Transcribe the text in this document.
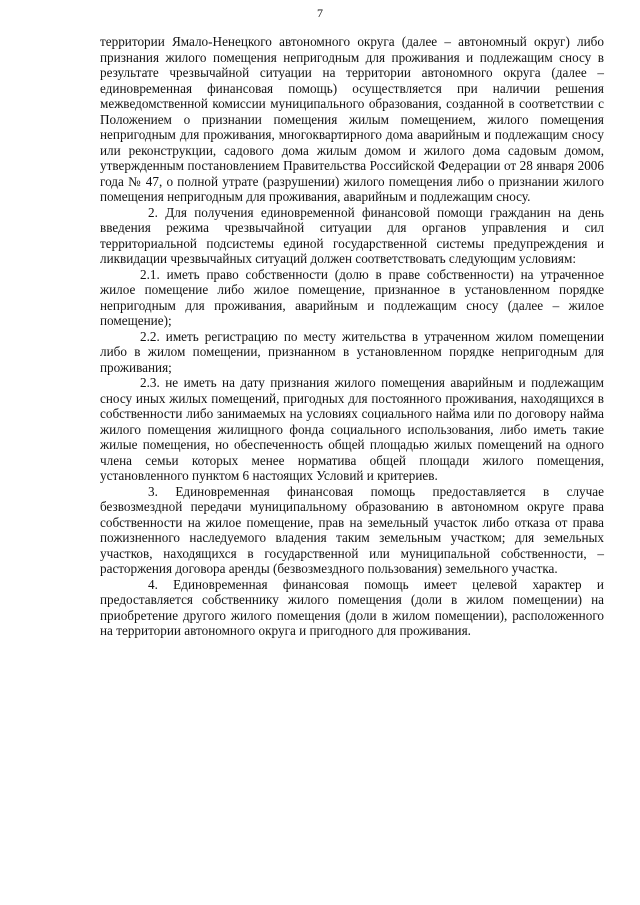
7

территории Ямало-Ненецкого автономного округа (далее – автономный округ) либо признания жилого помещения непригодным для проживания и подлежащим сносу в результате чрезвычайной ситуации на территории автономного округа (далее – единовременная финансовая помощь) осуществляется при наличии решения межведомственной комиссии муниципального образования, созданной в соответствии с Положением о признании помещения жилым помещением, жилого помещения непригодным для проживания, многоквартирного дома аварийным и подлежащим сносу или реконструкции, садового дома жилым домом и жилого дома садовым домом, утвержденным постановлением Правительства Российской Федерации от 28 января 2006 года № 47, о полной утрате (разрушении) жилого помещения либо о признании жилого помещения непригодным для проживания, аварийным и подлежащим сносу.

2. Для получения единовременной финансовой помощи гражданин на день введения режима чрезвычайной ситуации для органов управления и сил территориальной подсистемы единой государственной системы предупреждения и ликвидации чрезвычайных ситуаций должен соответствовать следующим условиям:

2.1. иметь право собственности (долю в праве собственности) на утраченное жилое помещение либо жилое помещение, признанное в установленном порядке непригодным для проживания, аварийным и подлежащим сносу (далее – жилое помещение);

2.2. иметь регистрацию по месту жительства в утраченном жилом помещении либо в жилом помещении, признанном в установленном порядке непригодным для проживания;

2.3. не иметь на дату признания жилого помещения аварийным и подлежащим сносу иных жилых помещений, пригодных для постоянного проживания, находящихся в собственности либо занимаемых на условиях социального найма или по договору найма жилого помещения жилищного фонда социального использования, либо иметь такие жилые помещения, но обеспеченность общей площадью жилых помещений на одного члена семьи которых менее норматива общей площади жилого помещения, установленного пунктом 6 настоящих Условий и критериев.

3. Единовременная финансовая помощь предоставляется в случае безвозмездной передачи муниципальному образованию в автономном округе права собственности на жилое помещение, прав на земельный участок либо отказа от права пожизненного наследуемого владения таким земельным участком; для земельных участков, находящихся в государственной или муниципальной собственности, – расторжения договора аренды (безвозмездного пользования) земельного участка.

4. Единовременная финансовая помощь имеет целевой характер и предоставляется собственнику жилого помещения (доли в жилом помещении) на приобретение другого жилого помещения (доли в жилом помещении), расположенного на территории автономного округа и пригодного для проживания.
